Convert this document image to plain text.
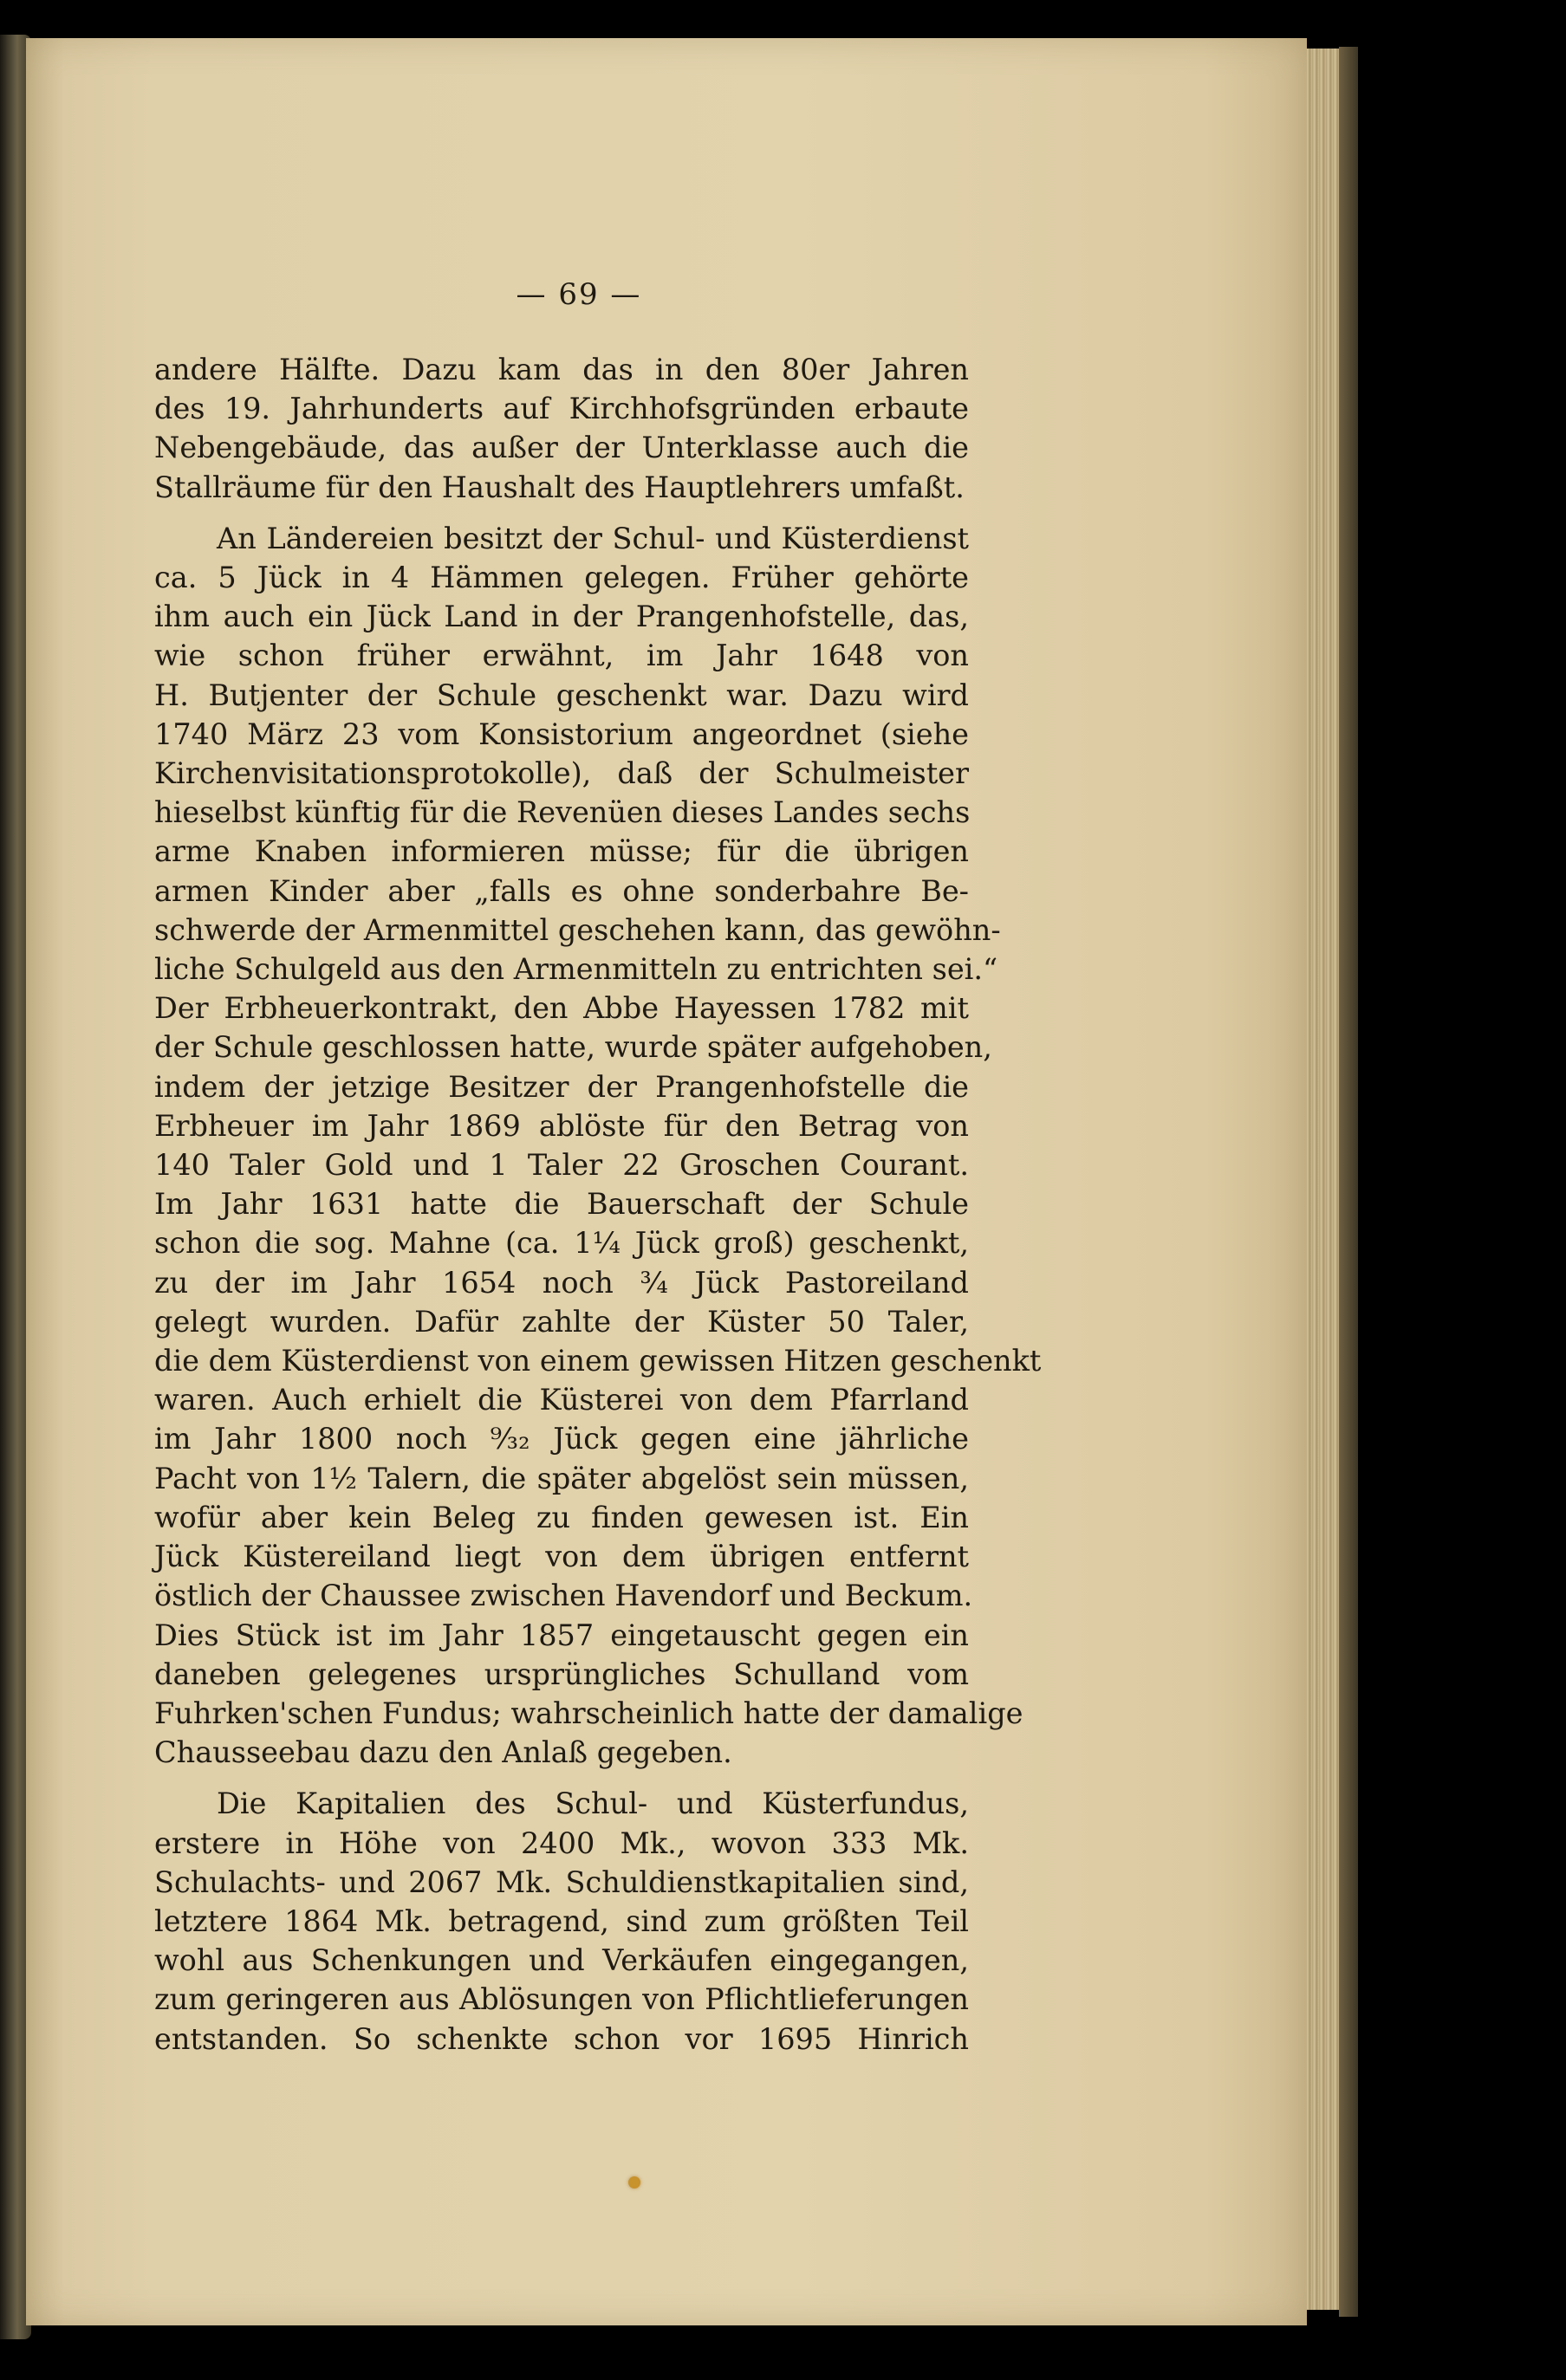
— 69 —

andere Hälfte. Dazu kam das in den 80er Jahren
des 19. Jahrhunderts auf Kirchhofsgründen erbaute
Nebengebäude, das außer der Unterklasse auch die
Stallräume für den Haushalt des Hauptlehrers umfaßt.

An Ländereien besitzt der Schul- und Küsterdienst
ca. 5 Jück in 4 Hämmen gelegen. Früher gehörte
ihm auch ein Jück Land in der Prangenhofstelle, das,
wie schon früher erwähnt, im Jahr 1648 von
H. Butjenter der Schule geschenkt war. Dazu wird
1740 März 23 vom Konsistorium angeordnet (siehe
Kirchenvisitationsprotokolle), daß der Schulmeister
hieselbst künftig für die Revenüen dieses Landes sechs
arme Knaben informieren müsse; für die übrigen
armen Kinder aber „falls es ohne sonderbahre Be-
schwerde der Armenmittel geschehen kann, das gewöhn-
liche Schulgeld aus den Armenmitteln zu entrichten sei.“
Der Erbheuerkontrakt, den Abbe Hayessen 1782 mit
der Schule geschlossen hatte, wurde später aufgehoben,
indem der jetzige Besitzer der Prangenhofstelle die
Erbheuer im Jahr 1869 ablöste für den Betrag von
140 Taler Gold und 1 Taler 22 Groschen Courant.
Im Jahr 1631 hatte die Bauerschaft der Schule
schon die sog. Mahne (ca. 1¼ Jück groß) geschenkt,
zu der im Jahr 1654 noch ¾ Jück Pastoreiland
gelegt wurden. Dafür zahlte der Küster 50 Taler,
die dem Küsterdienst von einem gewissen Hitzen geschenkt
waren. Auch erhielt die Küsterei von dem Pfarrland
im Jahr 1800 noch ⁹⁄₃₂ Jück gegen eine jährliche
Pacht von 1½ Talern, die später abgelöst sein müssen,
wofür aber kein Beleg zu finden gewesen ist. Ein
Jück Küstereiland liegt von dem übrigen entfernt
östlich der Chaussee zwischen Havendorf und Beckum.
Dies Stück ist im Jahr 1857 eingetauscht gegen ein
daneben gelegenes ursprüngliches Schulland vom
Fuhrken'schen Fundus; wahrscheinlich hatte der damalige
Chausseebau dazu den Anlaß gegeben.

Die Kapitalien des Schul- und Küsterfundus,
erstere in Höhe von 2400 Mk., wovon 333 Mk.
Schulachts- und 2067 Mk. Schuldienstkapitalien sind,
letztere 1864 Mk. betragend, sind zum größten Teil
wohl aus Schenkungen und Verkäufen eingegangen,
zum geringeren aus Ablösungen von Pflichtlieferungen
entstanden. So schenkte schon vor 1695 Hinrich
